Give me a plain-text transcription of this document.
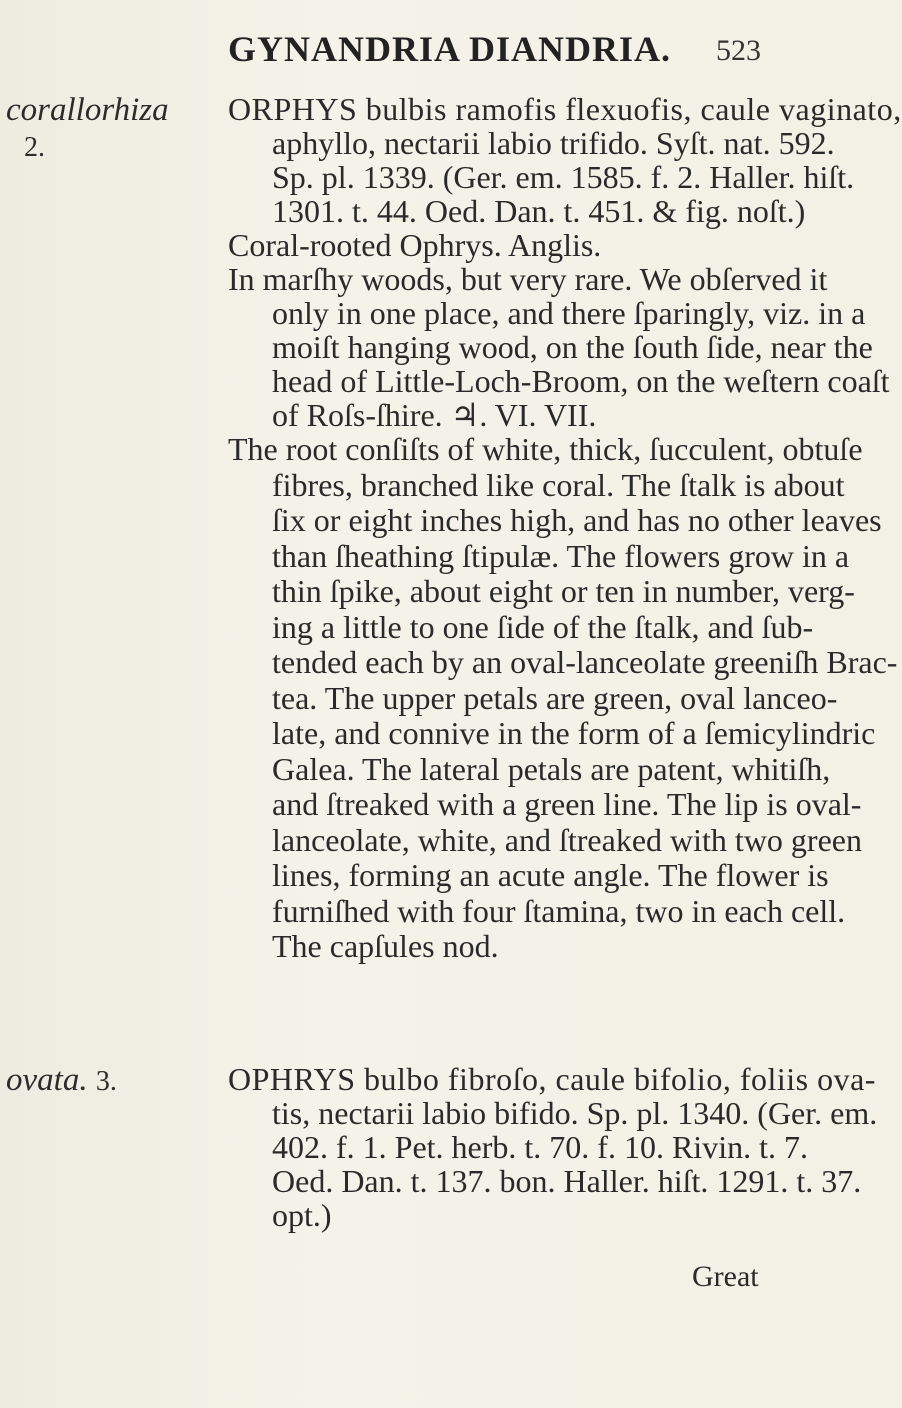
GYNANDRIA DIANDRIA. 523
corallorhiza
2.
ORPHYS bulbis ramofis flexuofis, caule vaginato,
aphyllo, nectarii labio trifido. Syſt. nat. 592.
Sp. pl. 1339. (Ger. em. 1585. f. 2. Haller. hiſt.
1301. t. 44. Oed. Dan. t. 451. & fig. noſt.)
Coral-rooted Ophrys. Anglis.
In marſhy woods, but very rare. We obſerved it
only in one place, and there ſparingly, viz. in a
moiſt hanging wood, on the ſouth ſide, near the
head of Little-Loch-Broom, on the weſtern coaſt
of Roſs-ſhire. ♃. VI. VII.
The root conſiſts of white, thick, ſucculent, obtuſe
fibres, branched like coral. The ſtalk is about
ſix or eight inches high, and has no other leaves
than ſheathing ſtipulæ. The flowers grow in a
thin ſpike, about eight or ten in number, verg-
ing a little to one ſide of the ſtalk, and ſub-
tended each by an oval-lanceolate greeniſh Brac-
tea. The upper petals are green, oval lanceo-
late, and connive in the form of a ſemicylindric
Galea. The lateral petals are patent, whitiſh,
and ſtreaked with a green line. The lip is oval-
lanceolate, white, and ſtreaked with two green
lines, forming an acute angle. The flower is
furniſhed with four ſtamina, two in each cell.
The capſules nod.
ovata. 3.	OPHRYS bulbo fibroſo, caule bifolio, foliis ova-
tis, nectarii labio bifido. Sp. pl. 1340. (Ger. em.
402. f. 1. Pet. herb. t. 70. f. 10. Rivin. t. 7.
Oed. Dan. t. 137. bon. Haller. hiſt. 1291. t. 37.
opt.)
Great
